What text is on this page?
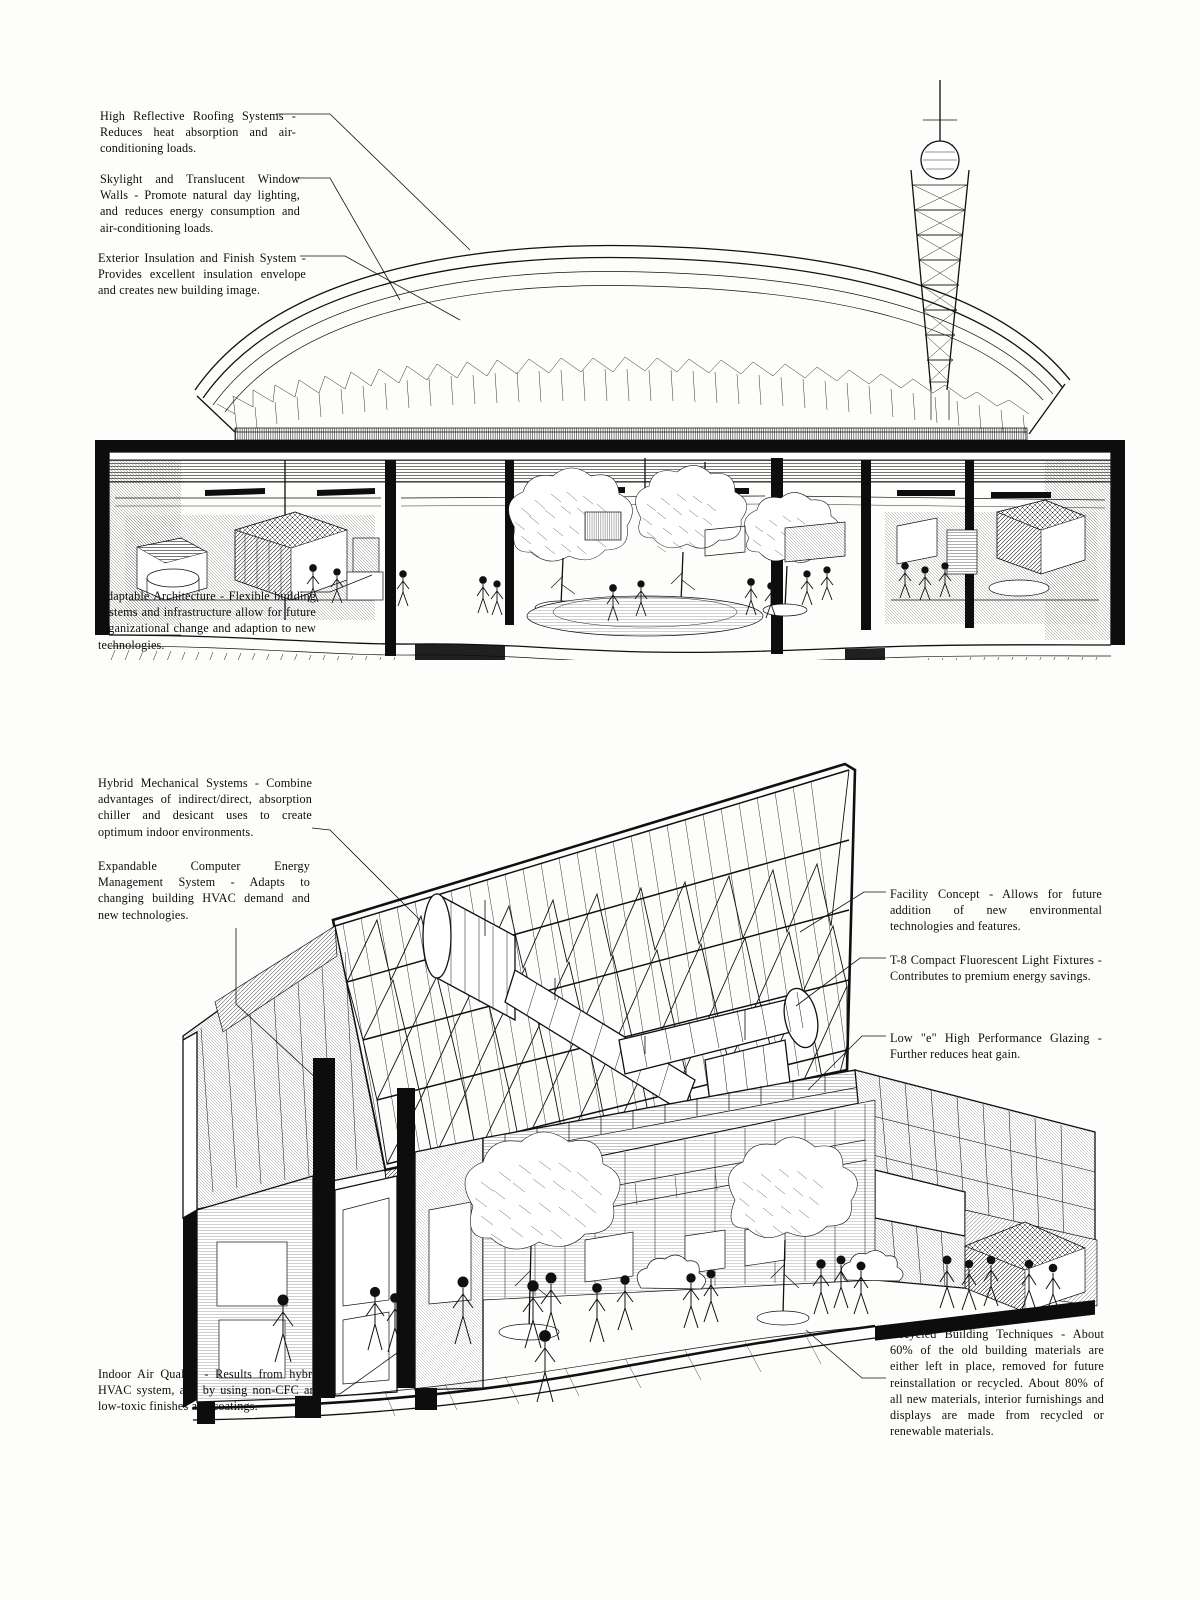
High Reflective Roofing Systems - Reduces heat absorption and air-conditioning loads.
Skylight and Translucent Window Walls - Promote natural day lighting, and reduces energy consumption and air-conditioning loads.
Exterior Insulation and Finish System - Provides excellent insulation envelope and creates new building image.
Adaptable Architecture - Flexible building systems and infrastructure allow for future organizational change and adaption to new technologies.
Hybrid Mechanical Systems - Combine advantages of indirect/direct, absorption chiller and desicant uses to create optimum indoor environments.
Expandable Computer Energy Management System - Adapts to changing building HVAC demand and new technologies.
Indoor Air Quality - Results from hybrid HVAC system, and by using non-CFC and low-toxic finishes and coatings.
Facility Concept - Allows for future addition of new environmental technologies and features.
T-8 Compact Fluorescent Light Fixtures - Contributes to premium energy savings.
Low "e" High Performance Glazing - Further reduces heat gain.
Recycled Building Techniques - About 60% of the old building materials are either left in place, removed for future reinstallation or recycled. About 80% of all new materials, interior furnishings and displays are made from recycled or renewable materials.
